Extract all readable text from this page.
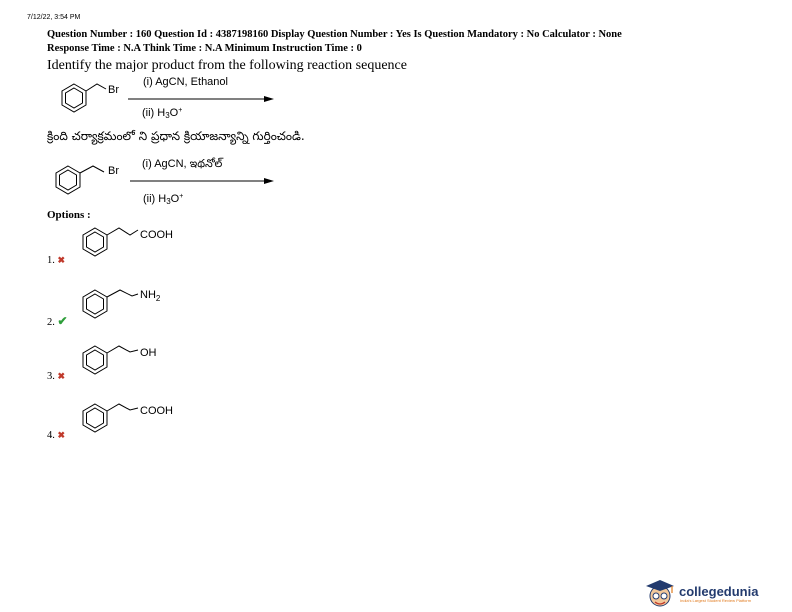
7/12/22, 3:54 PM
Question Number : 160 Question Id : 4387198160 Display Question Number : Yes Is Question Mandatory : No Calculator : None
Response Time : N.A Think Time : N.A Minimum Instruction Time : 0
Identify the major product from the following reaction sequence
Br
(i) AgCN, Ethanol
(ii) $H_3O^+$
క్రింది చర్యాక్రమంలో ని ప్రధాన క్రియాజన్యాన్ని గుర్తించండి.
Br
(i) AgCN, ఇథనోల్
(ii) $H_3O^+$
Options :
COOH
1. ✖
$NH_2$
2. ✔
OH
3. ✖
COOH
4. ✖
collegedunia
India's Largest Student Review Platform
